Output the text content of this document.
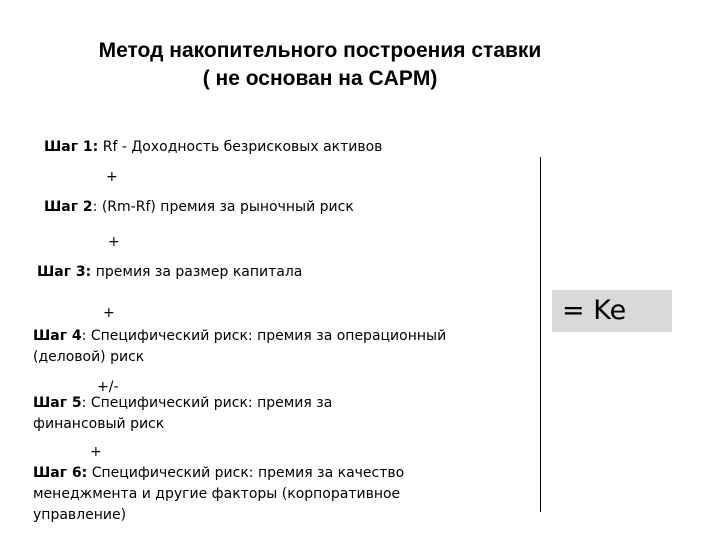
Метод накопительного построения ставки
( не основан на CAPM)
Шаг 1: Rf - Доходность безрисковых активов
+
Шаг 2: (Rm-Rf) премия за рыночный риск
+
Шаг 3: премия за размер капитала
+
Шаг 4: Специфический риск: премия за операционный (деловой) риск
+/-
Шаг 5: Специфический риск: премия за финансовый риск
+
Шаг 6: Специфический риск: премия за качество менеджмента и другие факторы (корпоративное управление)
= Ke
